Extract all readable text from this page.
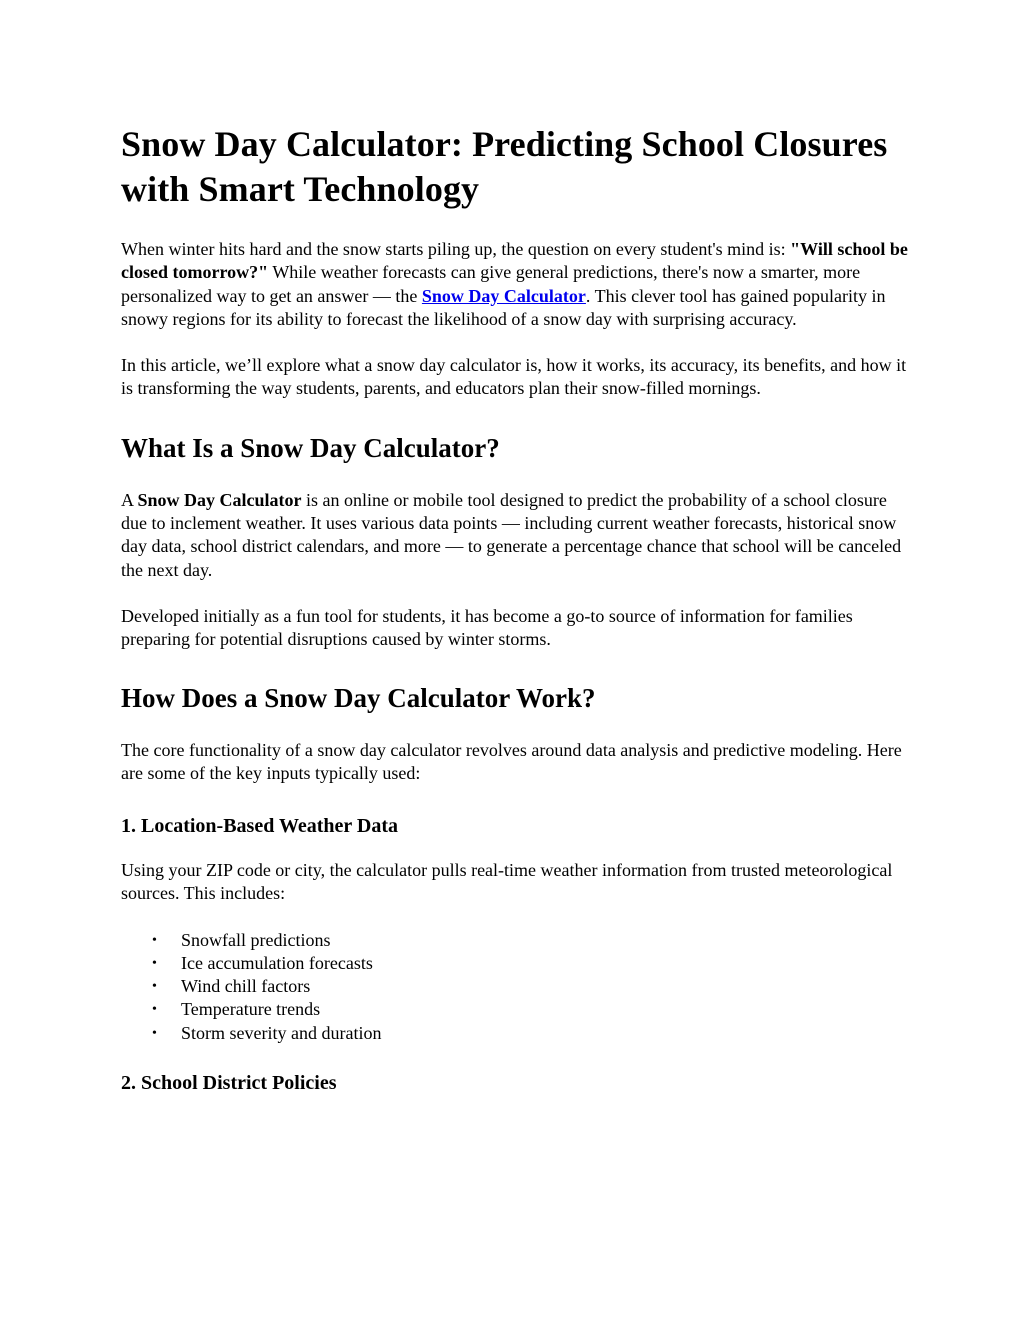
Snow Day Calculator: Predicting School Closures with Smart Technology

When winter hits hard and the snow starts piling up, the question on every student's mind is: "Will school be closed tomorrow?" While weather forecasts can give general predictions, there's now a smarter, more personalized way to get an answer — the Snow Day Calculator. This clever tool has gained popularity in snowy regions for its ability to forecast the likelihood of a snow day with surprising accuracy.

In this article, we’ll explore what a snow day calculator is, how it works, its accuracy, its benefits, and how it is transforming the way students, parents, and educators plan their snow-filled mornings.

What Is a Snow Day Calculator?

A Snow Day Calculator is an online or mobile tool designed to predict the probability of a school closure due to inclement weather. It uses various data points — including current weather forecasts, historical snow day data, school district calendars, and more — to generate a percentage chance that school will be canceled the next day.

Developed initially as a fun tool for students, it has become a go-to source of information for families preparing for potential disruptions caused by winter storms.

How Does a Snow Day Calculator Work?

The core functionality of a snow day calculator revolves around data analysis and predictive modeling. Here are some of the key inputs typically used:

1. Location-Based Weather Data

Using your ZIP code or city, the calculator pulls real-time weather information from trusted meteorological sources. This includes:

• Snowfall predictions
• Ice accumulation forecasts
• Wind chill factors
• Temperature trends
• Storm severity and duration
2. School District Policies
